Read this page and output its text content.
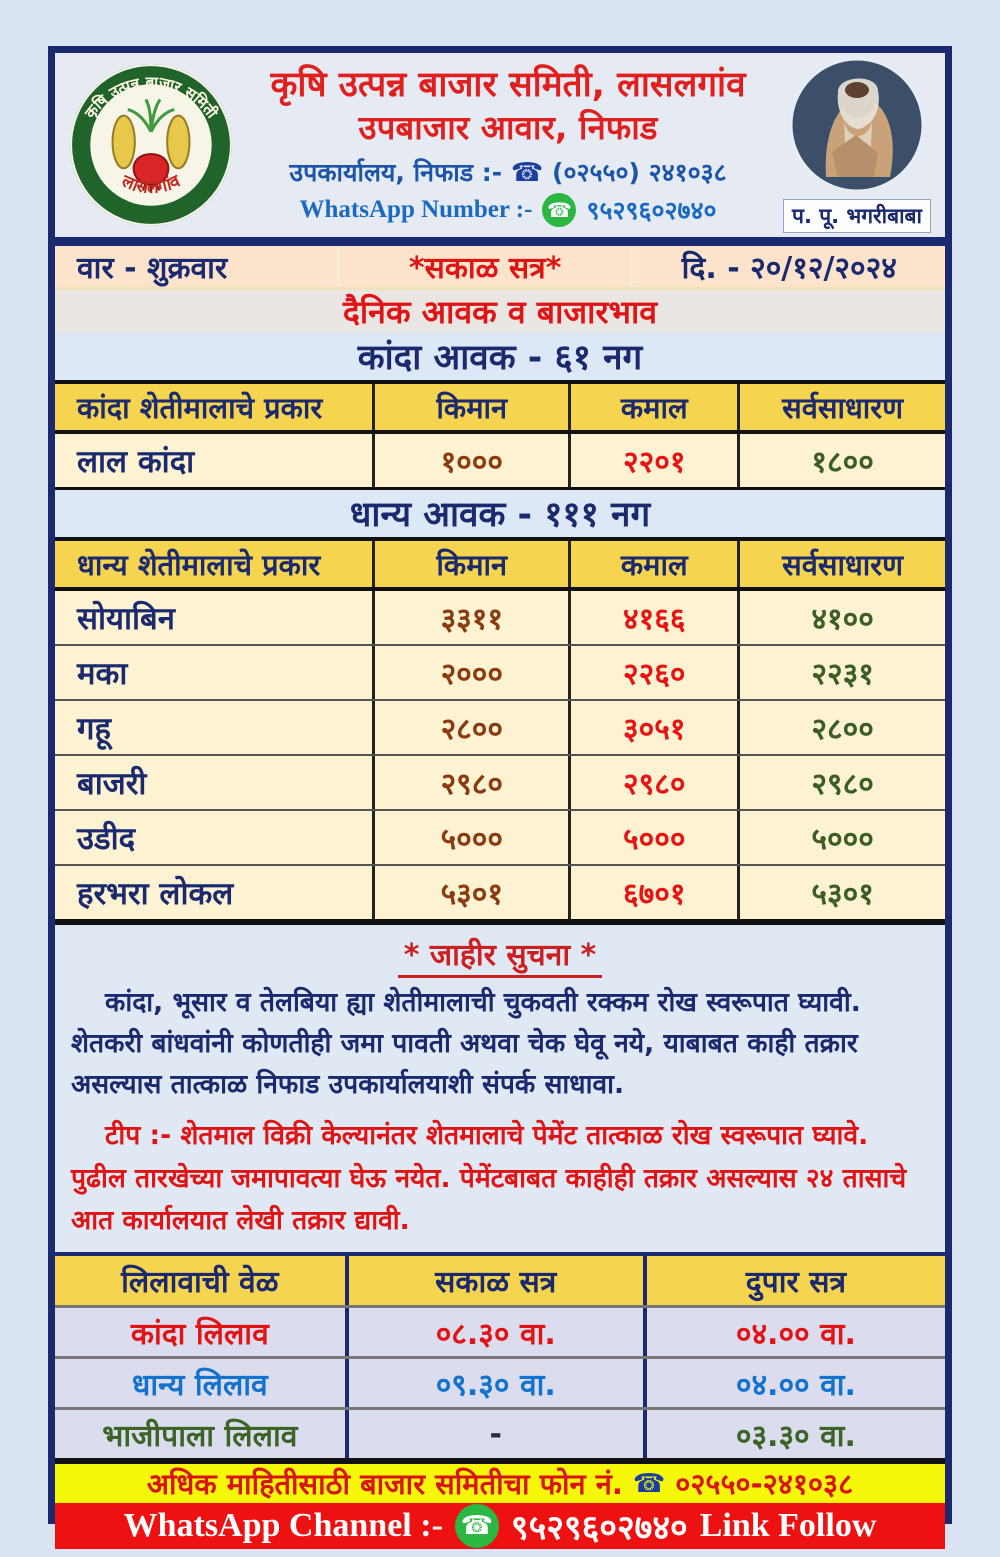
कृषि उत्पन्न बाजार समिती
लासलगांव
कृषि उत्पन्न बाजार समिती, लासलगांव
उपबाजार आवार, निफाड
उपकार्यालय, निफाड :- ☎ (०२५५०) २४१०३८
WhatsApp Number :- ☎ ९५२९६०२७४०	प. पू. भगरीबाबा
वार - शुक्रवार	*सकाळ सत्र*	दि. - २०/१२/२०२४
दैनिक आवक व बाजारभाव
कांदा आवक - ६१ नग
कांदा शेतीमालाचे प्रकार	किमान	कमाल	सर्वसाधारण
लाल कांदा	१०००	२२०१	१८००
धान्य आवक - १११ नग
धान्य शेतीमालाचे प्रकार	किमान	कमाल	सर्वसाधारण
सोयाबिन	३३११	४१६६	४१००
मका	२०००	२२६०	२२३१
गहू	२८००	३०५१	२८००
बाजरी	२९८०	२९८०	२९८०
उडीद	५०००	५०००	५०००
हरभरा लोकल	५३०१	६७०१	५३०१
* जाहीर सुचना *
कांदा, भूसार व तेलबिया ह्या शेतीमालाची चुकवती रक्कम रोख स्वरूपात घ्यावी. शेतकरी बांधवांनी कोणतीही जमा पावती अथवा चेक घेवू नये, याबाबत काही तक्रार असल्यास तात्काळ निफाड उपकार्यालयाशी संपर्क साधावा.
टीप :- शेतमाल विक्री केल्यानंतर शेतमालाचे पेमेंट तात्काळ रोख स्वरूपात घ्यावे. पुढील तारखेच्या जमापावत्या घेऊ नयेत. पेमेंटबाबत काहीही तक्रार असल्यास २४ तासाचे आत कार्यालयात लेखी तक्रार द्यावी.
लिलावाची वेळ	सकाळ सत्र	दुपार सत्र
कांदा लिलाव	०८.३० वा.	०४.०० वा.
धान्य लिलाव	०९.३० वा.	०४.०० वा.
भाजीपाला लिलाव	-	०३.३० वा.
अधिक माहितीसाठी बाजार समितीचा फोन नं. ☎ ०२५५०-२४१०३८
WhatsApp Channel :- ☎ ९५२९६०२७४० Link Follow
